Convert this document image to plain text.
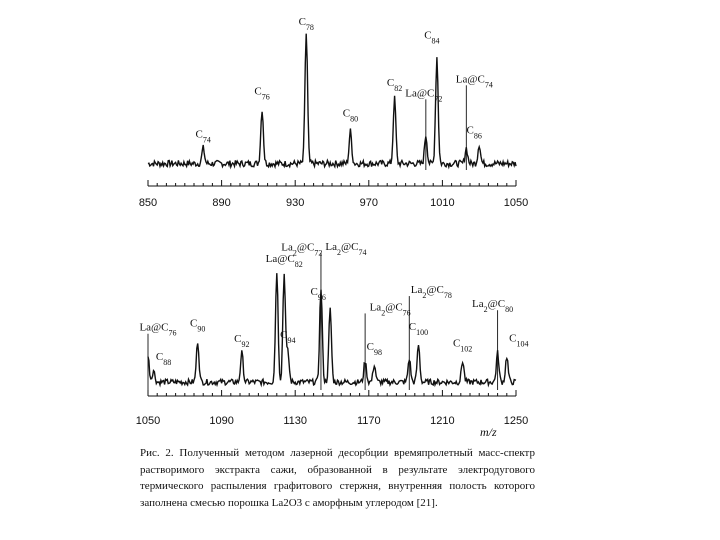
850	890	930	970	1010	1050
$C_{74}$
$C_{76}$
$C_{78}$
$C_{80}$
$C_{82}$ $La@C_{72}$
$C_{84}$
$La@C_{74}$
$C_{86}$
1050	1090	1130	1170	1210	1250
m/z
$La@C_{76}$
$C_{88}$
$C_{90}$
$C_{92}$
$La_2@C_{72}$
$La@C_{82}$
$C_{94}$
$La_2@C_{74}$
$C_{96}$
$La_2@C_{76}$
$C_{98}$
$C_{100}$
$La_2@C_{78}$
$C_{102}$
$La_2@C_{80}$
$C_{104}$

Рис. 2. Полученный методом лазерной десорбции времяпролетный масс-спектр растворимого экстракта сажи, образованной в результате электродугового термического распыления графитового стержня, внутренняя полость которого заполнена смесью порошка La2O3 с аморфным углеродом [21].
